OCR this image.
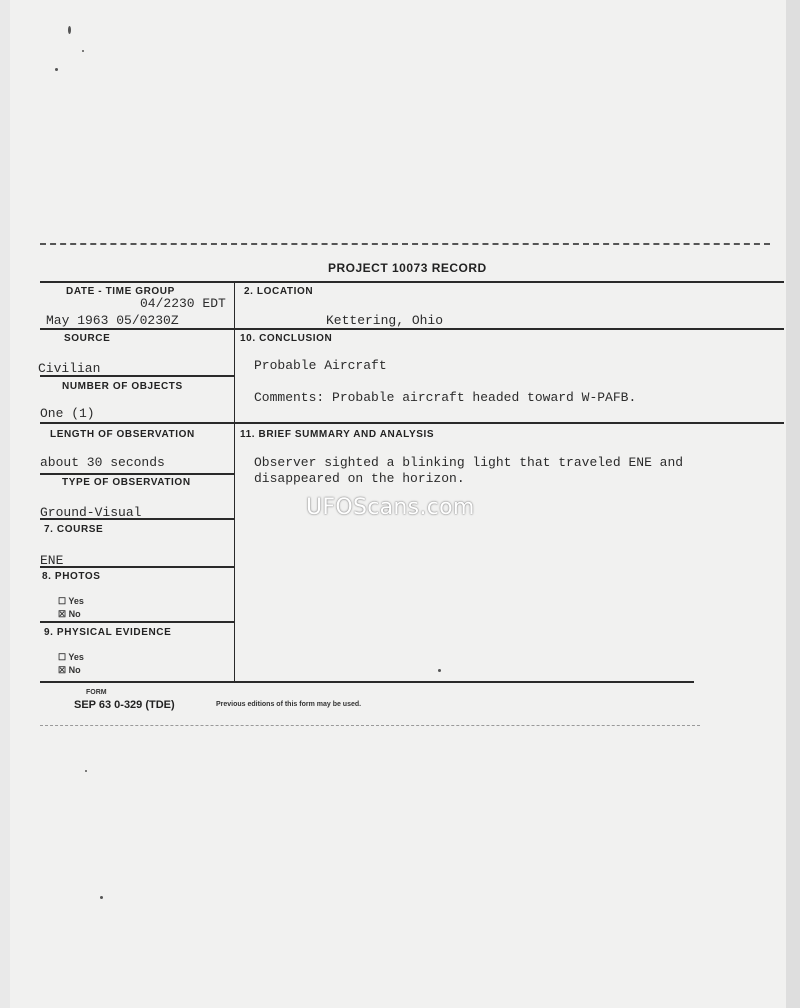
PROJECT 10073 RECORD
DATE - TIME GROUP
04/2230 EDT
May 1963 05/0230Z
2. LOCATION
Kettering, Ohio
SOURCE
Civilian
NUMBER OF OBJECTS
One (1)
10. CONCLUSION
Probable Aircraft
Comments: Probable aircraft headed toward W-PAFB.
LENGTH OF OBSERVATION
about 30 seconds
11. BRIEF SUMMARY AND ANALYSIS
Observer sighted a blinking light that traveled ENE and
disappeared on the horizon.
TYPE OF OBSERVATION
Ground-Visual
7. COURSE
ENE
8. PHOTOS
☐ Yes
☒ No
9. PHYSICAL EVIDENCE
☐ Yes
☒ No
UFOScans.com
FORM
SEP 63 0-329 (TDE)	Previous editions of this form may be used.
